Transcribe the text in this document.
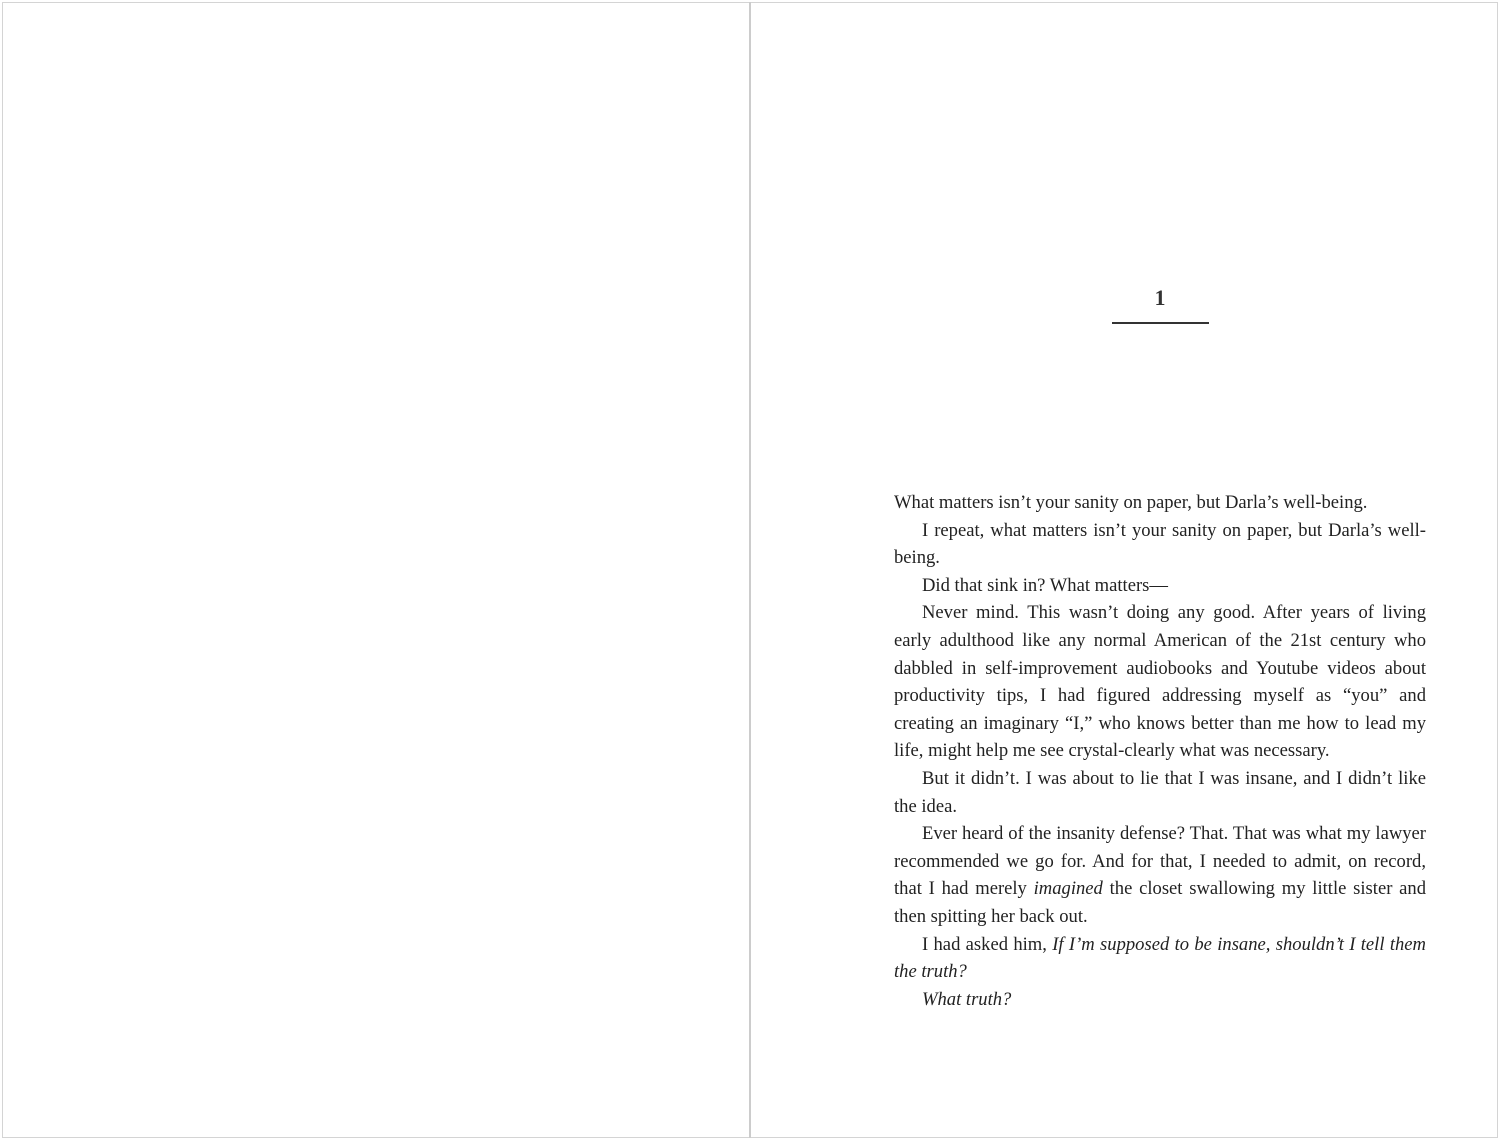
1

What matters isn’t your sanity on paper, but Darla’s well-being.

I repeat, what matters isn’t your sanity on paper, but Darla’s well-being.

Did that sink in? What matters—

Never mind. This wasn’t doing any good. After years of living early adulthood like any normal American of the 21st century who dabbled in self-improvement audiobooks and Youtube videos about productivity tips, I had figured addressing myself as “you” and creating an imaginary “I,” who knows better than me how to lead my life, might help me see crystal-clearly what was necessary.

But it didn’t. I was about to lie that I was insane, and I didn’t like the idea.

Ever heard of the insanity defense? That. That was what my lawyer recommended we go for. And for that, I needed to admit, on record, that I had merely imagined the closet swallowing my little sister and then spitting her back out.

I had asked him, If I’m supposed to be insane, shouldn’t I tell them the truth?

What truth?
